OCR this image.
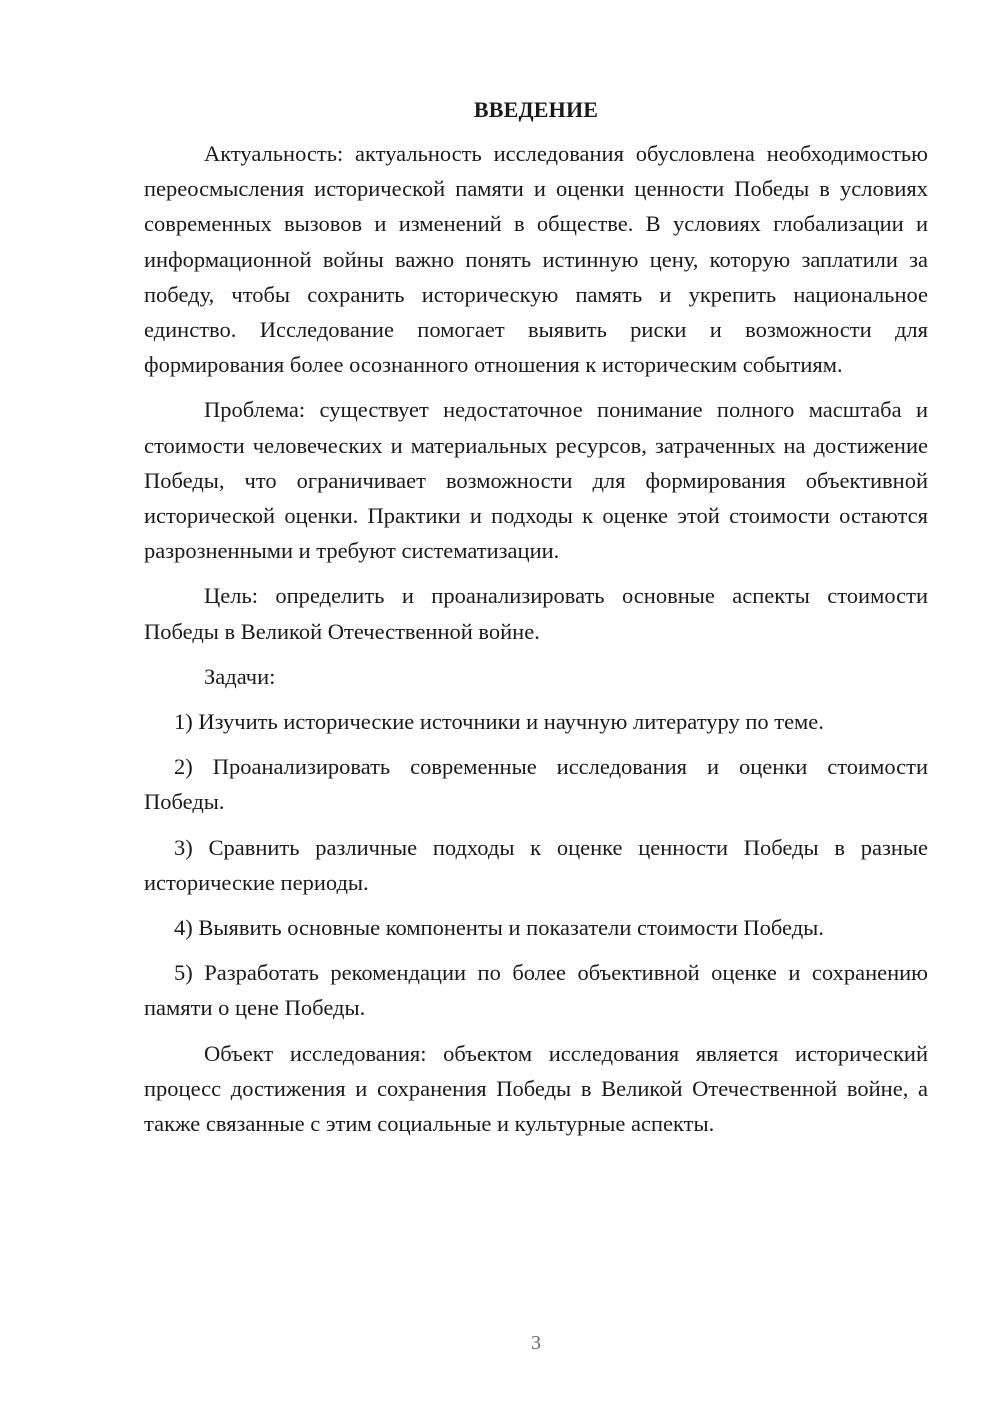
ВВЕДЕНИЕ

Актуальность: актуальность исследования обусловлена необходимостью переосмысления исторической памяти и оценки ценности Победы в условиях современных вызовов и изменений в обществе. В условиях глобализации и информационной войны важно понять истинную цену, которую заплатили за победу, чтобы сохранить историческую память и укрепить национальное единство. Исследование помогает выявить риски и возможности для формирования более осознанного отношения к историческим событиям.

Проблема: существует недостаточное понимание полного масштаба и стоимости человеческих и материальных ресурсов, затраченных на достижение Победы, что ограничивает возможности для формирования объективной исторической оценки. Практики и подходы к оценке этой стоимости остаются разрозненными и требуют систематизации.

Цель: определить и проанализировать основные аспекты стоимости Победы в Великой Отечественной войне.

Задачи:

1) Изучить исторические источники и научную литературу по теме.

2) Проанализировать современные исследования и оценки стоимости Победы.

3) Сравнить различные подходы к оценке ценности Победы в разные исторические периоды.

4) Выявить основные компоненты и показатели стоимости Победы.

5) Разработать рекомендации по более объективной оценке и сохранению памяти о цене Победы.

Объект исследования: объектом исследования является исторический процесс достижения и сохранения Победы в Великой Отечественной войне, а также связанные с этим социальные и культурные аспекты.

3
